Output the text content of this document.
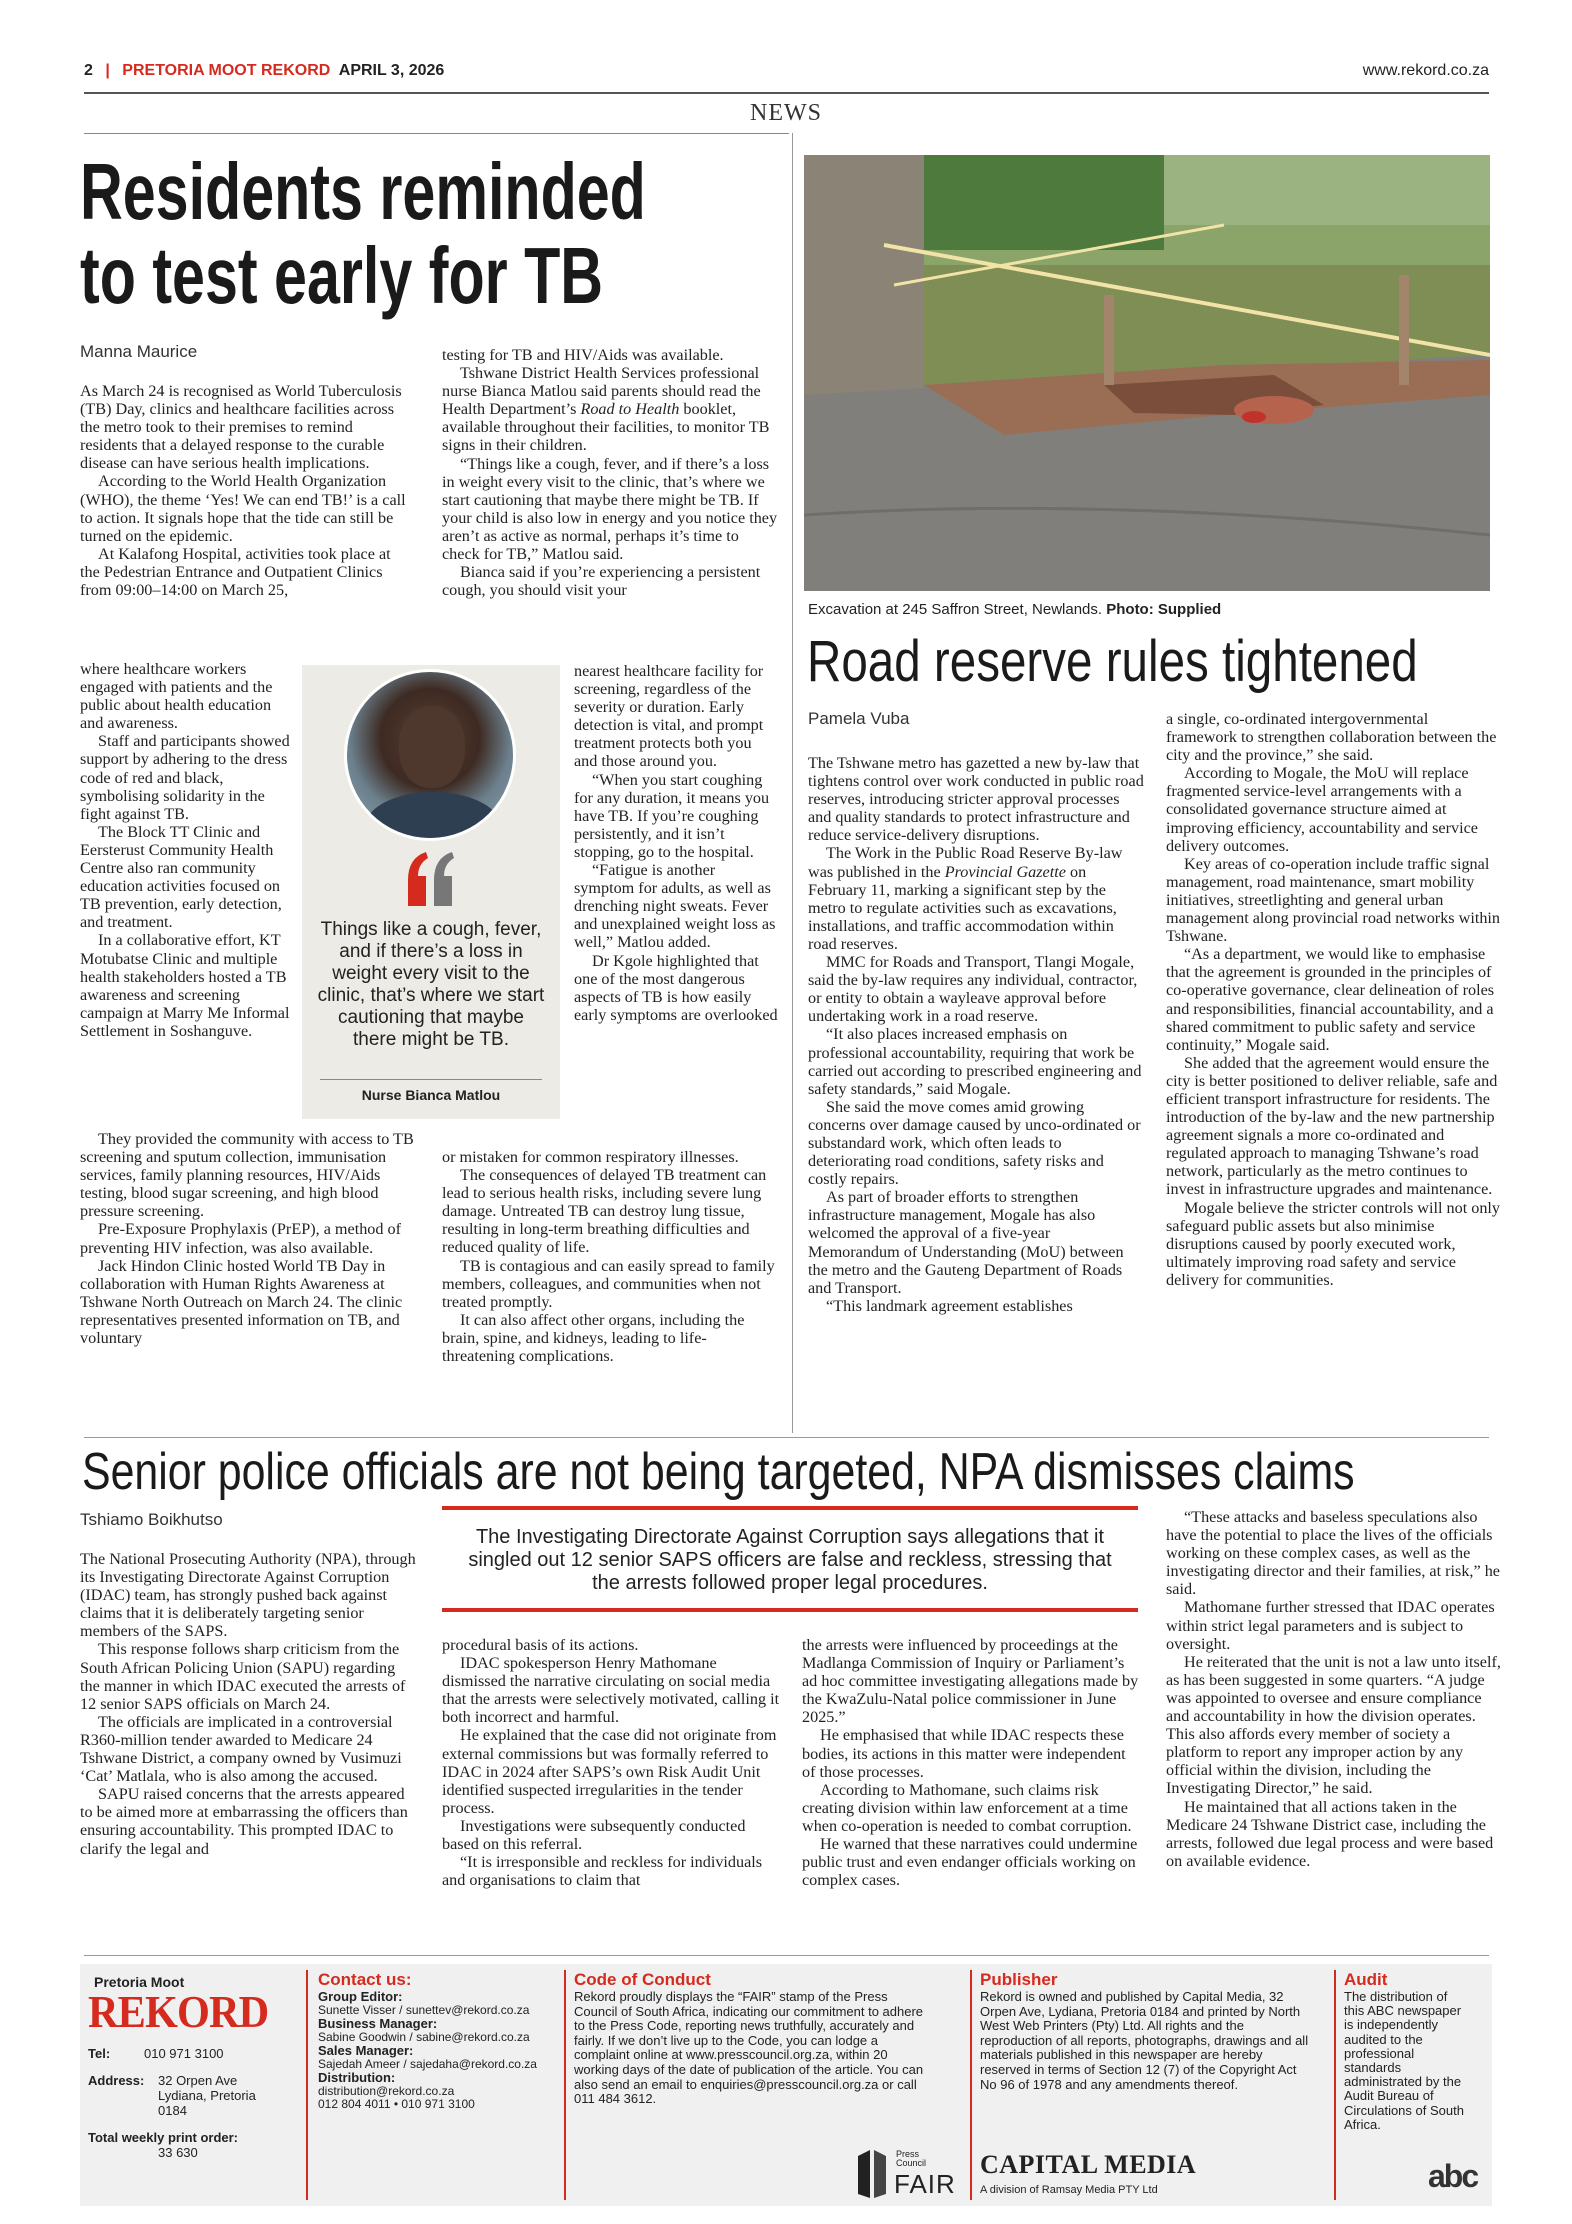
2 | PRETORIA MOOT REKORD APRIL 3, 2026	www.rekord.co.za
NEWS
Residents reminded
to test early for TB
Manna Maurice

As March 24 is recognised as World Tuberculosis (TB) Day, clinics and healthcare facilities across the metro took to their premises to remind residents that a delayed response to the curable disease can have serious health implications.

According to the World Health Organization (WHO), the theme ‘Yes! We can end TB!’ is a call to action. It signals hope that the tide can still be turned on the epidemic.

At Kalafong Hospital, activities took place at the Pedestrian Entrance and Outpatient Clinics from 09:00–14:00 on March 25,

where healthcare workers engaged with patients and the public about health education and awareness.

Staff and participants showed support by adhering to the dress code of red and black, symbolising solidarity in the fight against TB.

The Block TT Clinic and Eersterust Community Health Centre also ran community education activities focused on TB prevention, early detection, and treatment.

In a collaborative effort, KT Motubatse Clinic and multiple health stakeholders hosted a TB awareness and screening campaign at Marry Me Informal Settlement in Soshanguve.

They provided the community with access to TB screening and sputum collection, immunisation services, family planning resources, HIV/Aids testing, blood sugar screening, and high blood pressure screening.

Pre-Exposure Prophylaxis (PrEP), a method of preventing HIV infection, was also available.

Jack Hindon Clinic hosted World TB Day in collaboration with Human Rights Awareness at Tshwane North Outreach on March 24. The clinic representatives presented information on TB, and voluntary

testing for TB and HIV/Aids was available.

Tshwane District Health Services professional nurse Bianca Matlou said parents should read the Health Department’s Road to Health booklet, available throughout their facilities, to monitor TB signs in their children.

“Things like a cough, fever, and if there’s a loss in weight every visit to the clinic, that’s where we start cautioning that maybe there might be TB. If your child is also low in energy and you notice they aren’t as active as normal, perhaps it’s time to check for TB,” Matlou said.

Bianca said if you’re experiencing a persistent cough, you should visit your

nearest healthcare facility for screening, regardless of the severity or duration. Early detection is vital, and prompt treatment protects both you and those around you.

“When you start coughing for any duration, it means you have TB. If you’re coughing persistently, and it isn’t stopping, go to the hospital.

“Fatigue is another symptom for adults, as well as drenching night sweats. Fever and unexplained weight loss as well,” Matlou added.

Dr Kgole highlighted that one of the most dangerous aspects of TB is how easily early symptoms are overlooked

or mistaken for common respiratory illnesses.

The consequences of delayed TB treatment can lead to serious health risks, including severe lung damage. Untreated TB can destroy lung tissue, resulting in long-term breathing difficulties and reduced quality of life.

TB is contagious and can easily spread to family members, colleagues, and communities when not treated promptly.

It can also affect other organs, including the brain, spine, and kidneys, leading to life-threatening complications.

Things like a cough, fever, and if there’s a loss in weight every visit to the clinic, that’s where we start cautioning that maybe there might be TB.
Nurse Bianca Matlou
Excavation at 245 Saffron Street, Newlands. Photo: Supplied
Road reserve rules tightened
Pamela Vuba

The Tshwane metro has gazetted a new by-law that tightens control over work conducted in public road reserves, introducing stricter approval processes and quality standards to protect infrastructure and reduce service-delivery disruptions.

The Work in the Public Road Reserve By-law was published in the Provincial Gazette on February 11, marking a significant step by the metro to regulate activities such as excavations, installations, and traffic accommodation within road reserves.

MMC for Roads and Transport, Tlangi Mogale, said the by-law requires any individual, contractor, or entity to obtain a wayleave approval before undertaking work in a road reserve.

“It also places increased emphasis on professional accountability, requiring that work be carried out according to prescribed engineering and safety standards,” said Mogale.

She said the move comes amid growing concerns over damage caused by unco-ordinated or substandard work, which often leads to deteriorating road conditions, safety risks and costly repairs.

As part of broader efforts to strengthen infrastructure management, Mogale has also welcomed the approval of a five-year Memorandum of Understanding (MoU) between the metro and the Gauteng Department of Roads and Transport.

“This landmark agreement establishes

a single, co-ordinated intergovernmental framework to strengthen collaboration between the city and the province,” she said.

According to Mogale, the MoU will replace fragmented service-level arrangements with a consolidated governance structure aimed at improving efficiency, accountability and service delivery outcomes.

Key areas of co-operation include traffic signal management, road maintenance, smart mobility initiatives, streetlighting and general urban management along provincial road networks within Tshwane.

“As a department, we would like to emphasise that the agreement is grounded in the principles of co-operative governance, clear delineation of roles and responsibilities, financial accountability, and a shared commitment to public safety and service continuity,” Mogale said.

She added that the agreement would ensure the city is better positioned to deliver reliable, safe and efficient transport infrastructure for residents. The introduction of the by-law and the new partnership agreement signals a more co-ordinated and regulated approach to managing Tshwane’s road network, particularly as the metro continues to invest in infrastructure upgrades and maintenance.

Mogale believe the stricter controls will not only safeguard public assets but also minimise disruptions caused by poorly executed work, ultimately improving road safety and service delivery for communities.

Senior police officials are not being targeted, NPA dismisses claims
Tshiamo Boikhutso
The Investigating Directorate Against Corruption says allegations that it singled out 12 senior SAPS officers are false and reckless, stressing that the arrests followed proper legal procedures.

The National Prosecuting Authority (NPA), through its Investigating Directorate Against Corruption (IDAC) team, has strongly pushed back against claims that it is deliberately targeting senior members of the SAPS.

This response follows sharp criticism from the South African Policing Union (SAPU) regarding the manner in which IDAC executed the arrests of 12 senior SAPS officials on March 24.

The officials are implicated in a controversial R360-million tender awarded to Medicare 24 Tshwane District, a company owned by Vusimuzi ‘Cat’ Matlala, who is also among the accused.

SAPU raised concerns that the arrests appeared to be aimed more at embarrassing the officers than ensuring accountability. This prompted IDAC to clarify the legal and

procedural basis of its actions.

IDAC spokesperson Henry Mathomane dismissed the narrative circulating on social media that the arrests were selectively motivated, calling it both incorrect and harmful.

He explained that the case did not originate from external commissions but was formally referred to IDAC in 2024 after SAPS’s own Risk Audit Unit identified suspected irregularities in the tender process.

Investigations were subsequently conducted based on this referral.

“It is irresponsible and reckless for individuals and organisations to claim that

the arrests were influenced by proceedings at the Madlanga Commission of Inquiry or Parliament’s ad hoc committee investigating allegations made by the KwaZulu-Natal police commissioner in June 2025.”

He emphasised that while IDAC respects these bodies, its actions in this matter were independent of those processes.

According to Mathomane, such claims risk creating division within law enforcement at a time when co-operation is needed to combat corruption.

He warned that these narratives could undermine public trust and even endanger officials working on complex cases.

“These attacks and baseless speculations also have the potential to place the lives of the officials working on these complex cases, as well as the investigating director and their families, at risk,” he said.

Mathomane further stressed that IDAC operates within strict legal parameters and is subject to oversight.

He reiterated that the unit is not a law unto itself, as has been suggested in some quarters. “A judge was appointed to oversee and ensure compliance and accountability in how the division operates. This also affords every member of society a platform to report any improper action by any official within the division, including the Investigating Director,” he said.

He maintained that all actions taken in the Medicare 24 Tshwane District case, including the arrests, followed due legal process and were based on available evidence.

Pretoria Moot
REKORD
Tel:	010 971 3100
Address:	32 Orpen Ave
Lydiana, Pretoria
0184
Total weekly print order:
33 630
Contact us:
Group Editor:
Sunette Visser / sunettev@rekord.co.za
Business Manager:
Sabine Goodwin / sabine@rekord.co.za
Sales Manager:
Sajedah Ameer / sajedaha@rekord.co.za
Distribution:
distribution@rekord.co.za
012 804 4011 • 010 971 3100
Code of Conduct
Rekord proudly displays the “FAIR” stamp of the Press Council of South Africa, indicating our commitment to adhere to the Press Code, reporting news truthfully, accurately and fairly. If we don’t live up to the Code, you can lodge a complaint online at www.presscouncil.org.za, within 20 working days of the date of publication of the article. You can also send an email to enquiries@presscouncil.org.za or call 011 484 3612.
Press
Council
FAIR
Publisher
Rekord is owned and published by Capital Media, 32 Orpen Ave, Lydiana, Pretoria 0184 and printed by North West Web Printers (Pty) Ltd. All rights and the reproduction of all reports, photographs, drawings and all materials published in this newspaper are hereby reserved in terms of Section 12 (7) of the Copyright Act No 96 of 1978 and any amendments thereof.
CAPITAL MEDIA
A division of Ramsay Media PTY Ltd
Audit
The distribution of this ABC newspaper is independently audited to the professional standards administrated by the Audit Bureau of Circulations of South Africa.
abc
